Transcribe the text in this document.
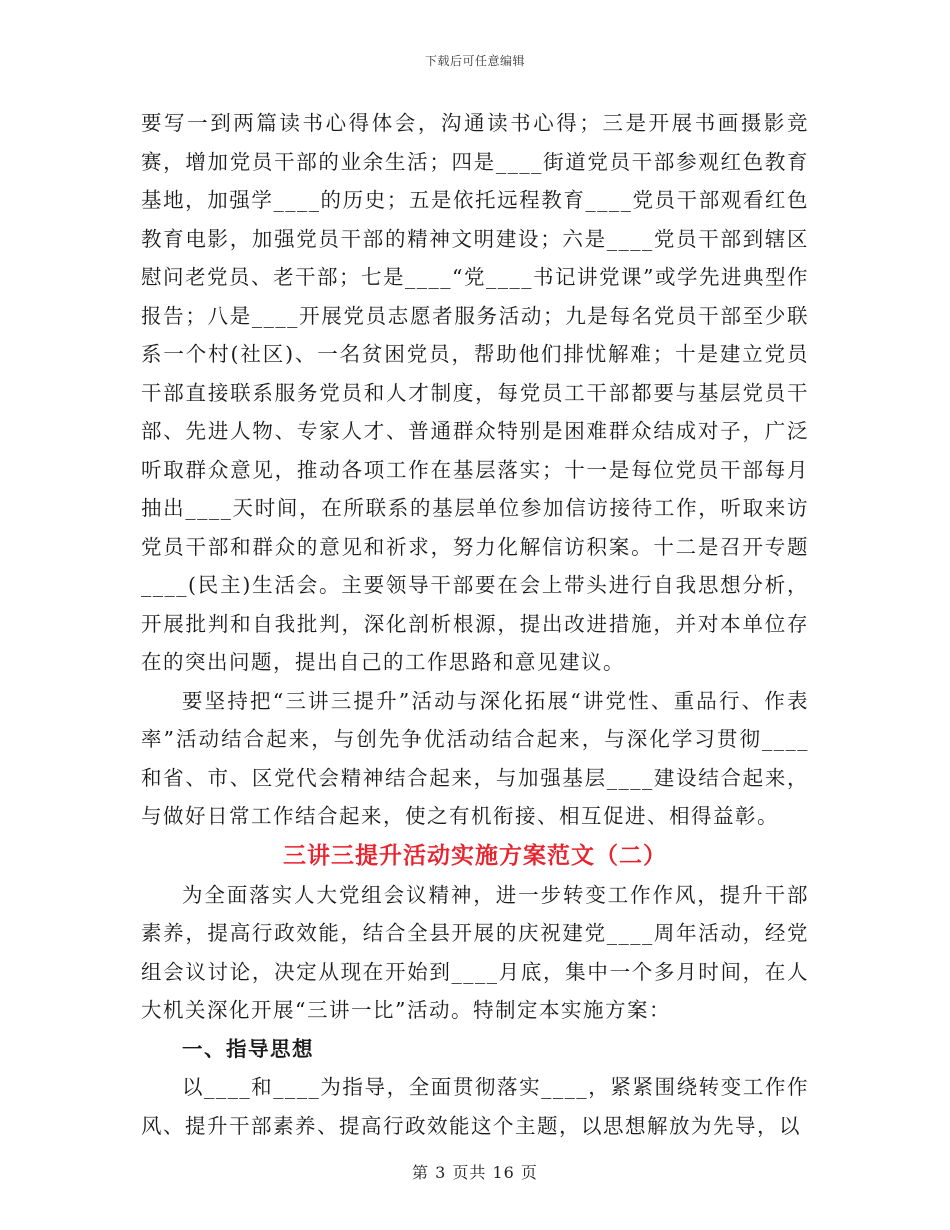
下载后可任意编辑

要写一到两篇读书心得体会，沟通读书心得；三是开展书画摄影竞赛，增加党员干部的业余生活；四是____街道党员干部参观红色教育基地，加强学____的历史；五是依托远程教育____党员干部观看红色教育电影，加强党员干部的精神文明建设；六是____党员干部到辖区慰问老党员、老干部；七是____“党____书记讲党课”或学先进典型作报告；八是____开展党员志愿者服务活动；九是每名党员干部至少联系一个村(社区)、一名贫困党员，帮助他们排忧解难；十是建立党员干部直接联系服务党员和人才制度，每党员工干部都要与基层党员干部、先进人物、专家人才、普通群众特别是困难群众结成对子，广泛听取群众意见，推动各项工作在基层落实；十一是每位党员干部每月抽出____天时间，在所联系的基层单位参加信访接待工作，听取来访党员干部和群众的意见和祈求，努力化解信访积案。十二是召开专题____(民主)生活会。主要领导干部要在会上带头进行自我思想分析，开展批判和自我批判，深化剖析根源，提出改进措施，并对本单位存在的突出问题，提出自己的工作思路和意见建议。

要坚持把“三讲三提升”活动与深化拓展“讲党性、重品行、作表率”活动结合起来，与创先争优活动结合起来，与深化学习贯彻____和省、市、区党代会精神结合起来，与加强基层____建设结合起来，与做好日常工作结合起来，使之有机衔接、相互促进、相得益彰。

三讲三提升活动实施方案范文（二）

为全面落实人大党组会议精神，进一步转变工作作风，提升干部素养，提高行政效能，结合全县开展的庆祝建党____周年活动，经党组会议讨论，决定从现在开始到____月底，集中一个多月时间，在人大机关深化开展“三讲一比”活动。特制定本实施方案：

一、指导思想

以____和____为指导，全面贯彻落实____，紧紧围绕转变工作作风、提升干部素养、提高行政效能这个主题，以思想解放为先导，以

第 3 页共 16 页
